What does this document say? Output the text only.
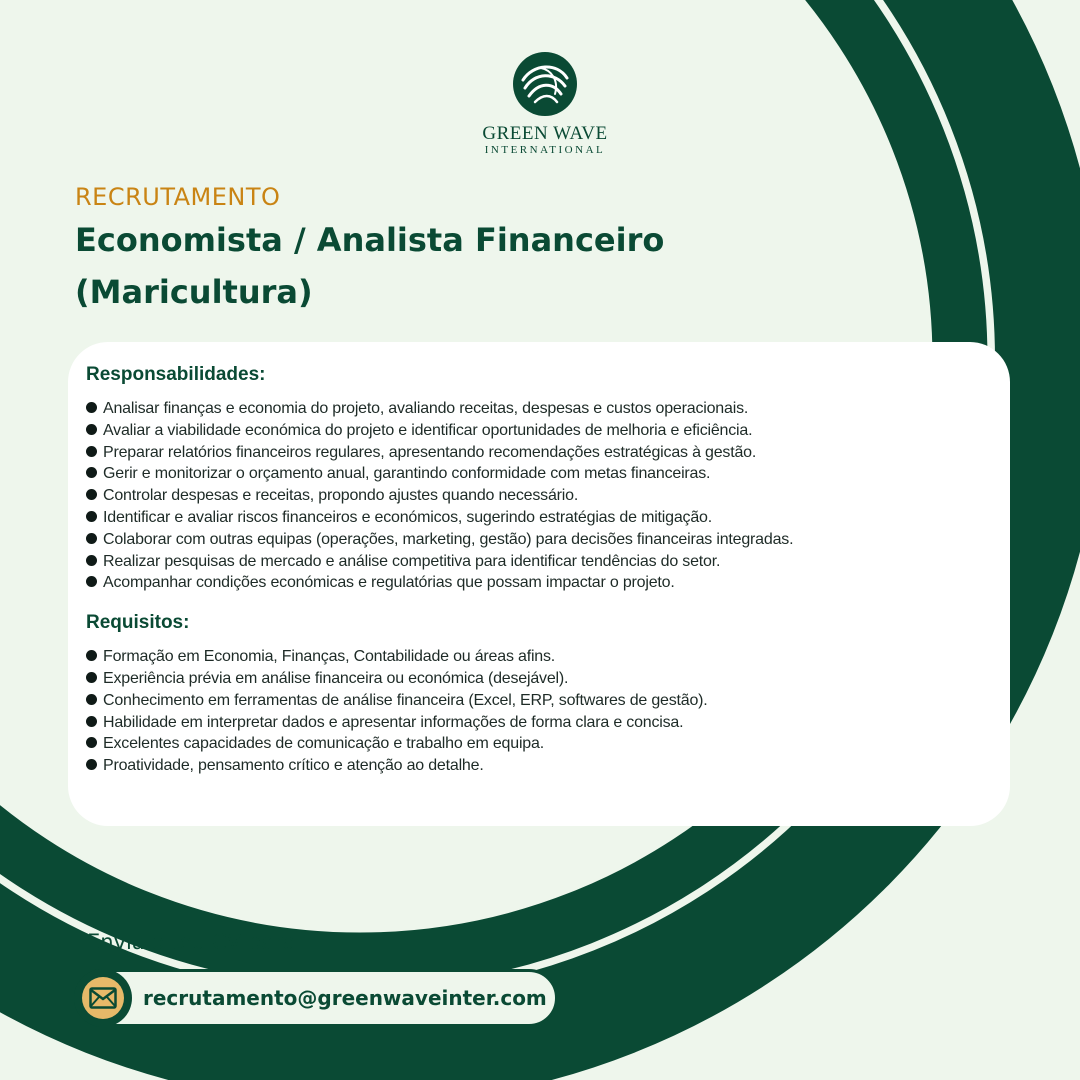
GREEN WAVE
INTERNATIONAL
RECRUTAMENTO
Economista / Analista Financeiro
(Maricultura)
Responsabilidades:
Analisar finanças e economia do projeto, avaliando receitas, despesas e custos operacionais.
Avaliar a viabilidade económica do projeto e identificar oportunidades de melhoria e eficiência.
Preparar relatórios financeiros regulares, apresentando recomendações estratégicas à gestão.
Gerir e monitorizar o orçamento anual, garantindo conformidade com metas financeiras.
Controlar despesas e receitas, propondo ajustes quando necessário.
Identificar e avaliar riscos financeiros e económicos, sugerindo estratégias de mitigação.
Colaborar com outras equipas (operações, marketing, gestão) para decisões financeiras integradas.
Realizar pesquisas de mercado e análise competitiva para identificar tendências do setor.
Acompanhar condições económicas e regulatórias que possam impactar o projeto.
Requisitos:
Formação em Economia, Finanças, Contabilidade ou áreas afins.
Experiência prévia em análise financeira ou económica (desejável).
Conhecimento em ferramentas de análise financeira (Excel, ERP, softwares de gestão).
Habilidade em interpretar dados e apresentar informações de forma clara e concisa.
Excelentes capacidades de comunicação e trabalho em equipa.
Proatividade, pensamento crítico e atenção ao detalhe.
Envia o teu CV para:
recrutamento@greenwaveinter.com
